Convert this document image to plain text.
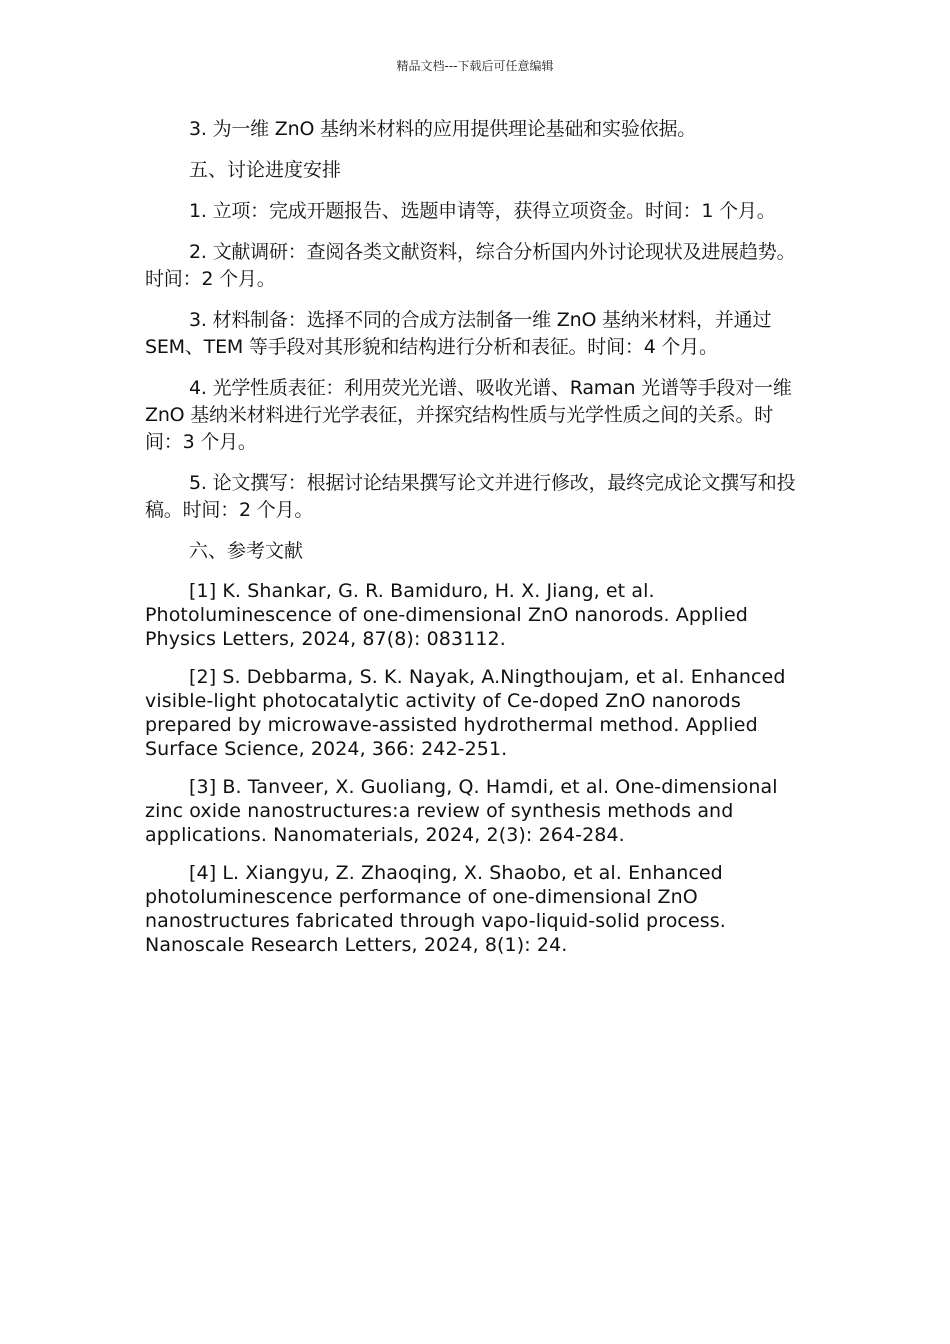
精品文档---下载后可任意编辑

3. 为一维 ZnO 基纳米材料的应用提供理论基础和实验依据。

五、讨论进度安排

1. 立项：完成开题报告、选题申请等，获得立项资金。时间：1 个月。

2. 文献调研：查阅各类文献资料，综合分析国内外讨论现状及进展趋势。时间：2 个月。

3. 材料制备：选择不同的合成方法制备一维 ZnO 基纳米材料，并通过 SEM、TEM 等手段对其形貌和结构进行分析和表征。时间：4 个月。

4. 光学性质表征：利用荧光光谱、吸收光谱、Raman 光谱等手段对一维 ZnO 基纳米材料进行光学表征，并探究结构性质与光学性质之间的关系。时间：3 个月。

5. 论文撰写：根据讨论结果撰写论文并进行修改，最终完成论文撰写和投稿。时间：2 个月。

六、参考文献

[1] K. Shankar, G. R. Bamiduro, H. X. Jiang, et al. Photoluminescence of one-dimensional ZnO nanorods. Applied Physics Letters, 2024, 87(8): 083112.

[2] S. Debbarma, S. K. Nayak, A.Ningthoujam, et al. Enhanced visible-light photocatalytic activity of Ce-doped ZnO nanorods prepared by microwave-assisted hydrothermal method. Applied Surface Science, 2024, 366: 242-251.

[3] B. Tanveer, X. Guoliang, Q. Hamdi, et al. One-dimensional zinc oxide nanostructures:a review of synthesis methods and applications. Nanomaterials, 2024, 2(3): 264-284.

[4] L. Xiangyu, Z. Zhaoqing, X. Shaobo, et al. Enhanced photoluminescence performance of one-dimensional ZnO nanostructures fabricated through vapo-liquid-solid process. Nanoscale Research Letters, 2024, 8(1): 24.
